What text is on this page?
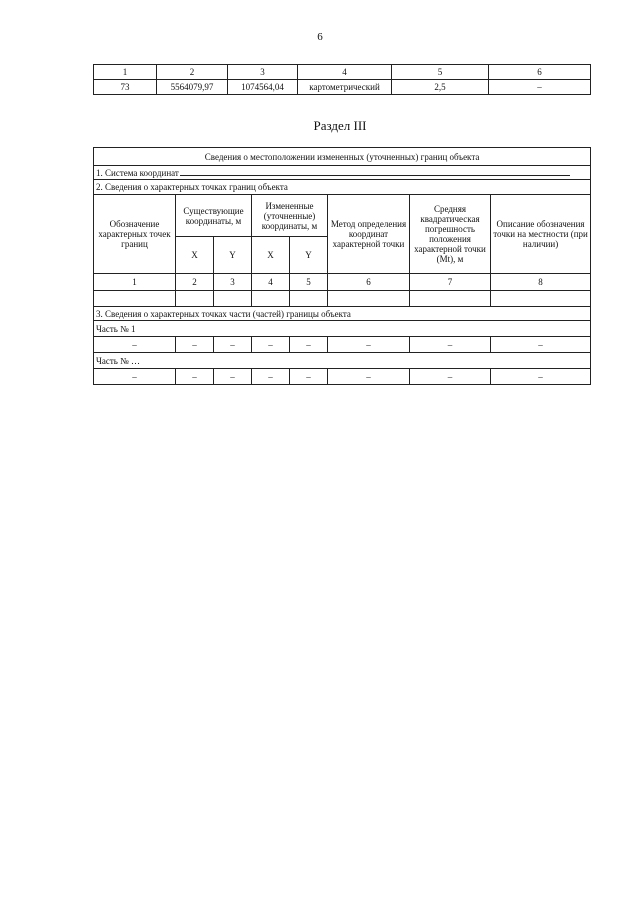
6
1	2	3	4	5	6
73	5564079,97	1074564,04	картометрический	2,5	–
Раздел III
Сведения о местоположении измененных (уточненных) границ объекта							
1. Система координат							
2. Сведения о характерных точках границ объекта							
Обозначение характерных точек границ	Существующие координаты, м		Измененные (уточненные) координаты, м		Метод определения координат характерной точки	Средняя квадратическая погрешность положения характерной точки (Mt), м	Описание обозначения точки на местности (при наличии)
	X	Y	X	Y			
1	2	3	4	5	6	7	8

3. Сведения о характерных точках части (частей) границы объекта							
Часть № 1							
–	–	–	–	–	–	–	–
Часть № …							
–	–	–	–	–	–	–	–
